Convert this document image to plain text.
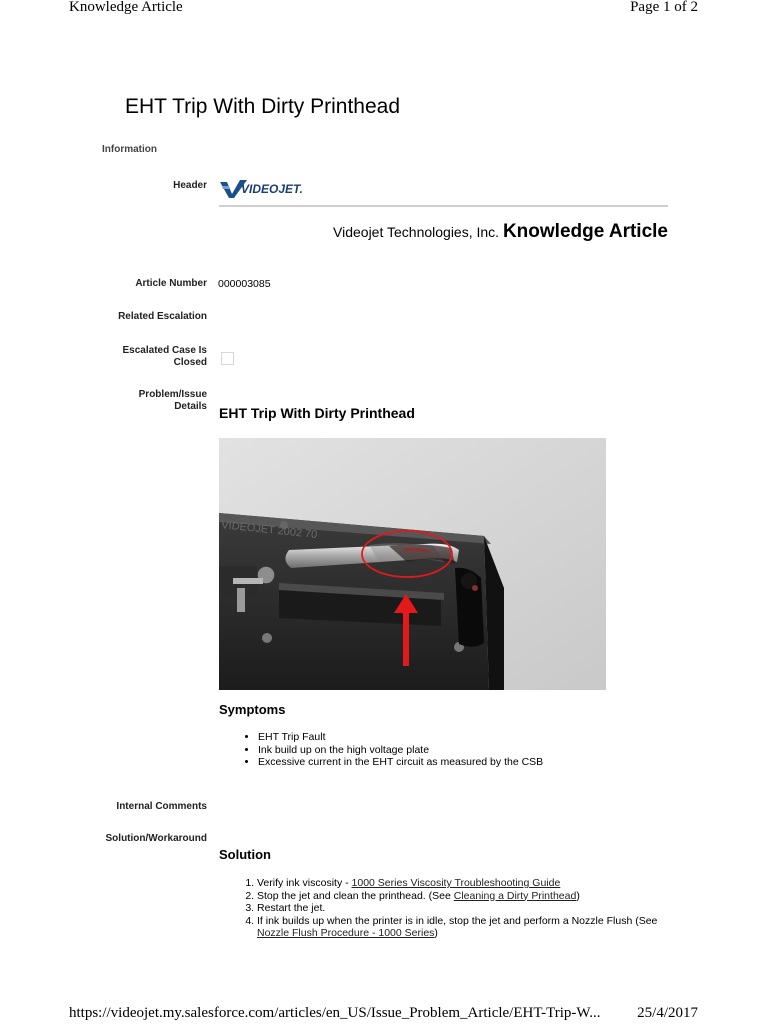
Knowledge Article	Page 1 of 2
EHT Trip With Dirty Printhead
Information
Header	VIDEOJET.
Videojet Technologies, Inc. Knowledge Article
Article Number 000003085
Related Escalation
Escalated Case Is
Closed
Problem/Issue
Details EHT Trip With Dirty Printhead
VIDEOJET 2002 70
Symptoms
• EHT Trip Fault
• Ink build up on the high voltage plate
• Excessive current in the EHT circuit as measured by the CSB
Internal Comments
Solution/Workaround
Solution
1. Verify ink viscosity - 1000 Series Viscosity Troubleshooting Guide
2. Stop the jet and clean the printhead. (See Cleaning a Dirty Printhead)
3. Restart the jet.
4. If ink builds up when the printer is in idle, stop the jet and perform a Nozzle Flush (See Nozzle Flush Procedure - 1000 Series)
https://videojet.my.salesforce.com/articles/en_US/Issue_Problem_Article/EHT-Trip-W... 25/4/2017
